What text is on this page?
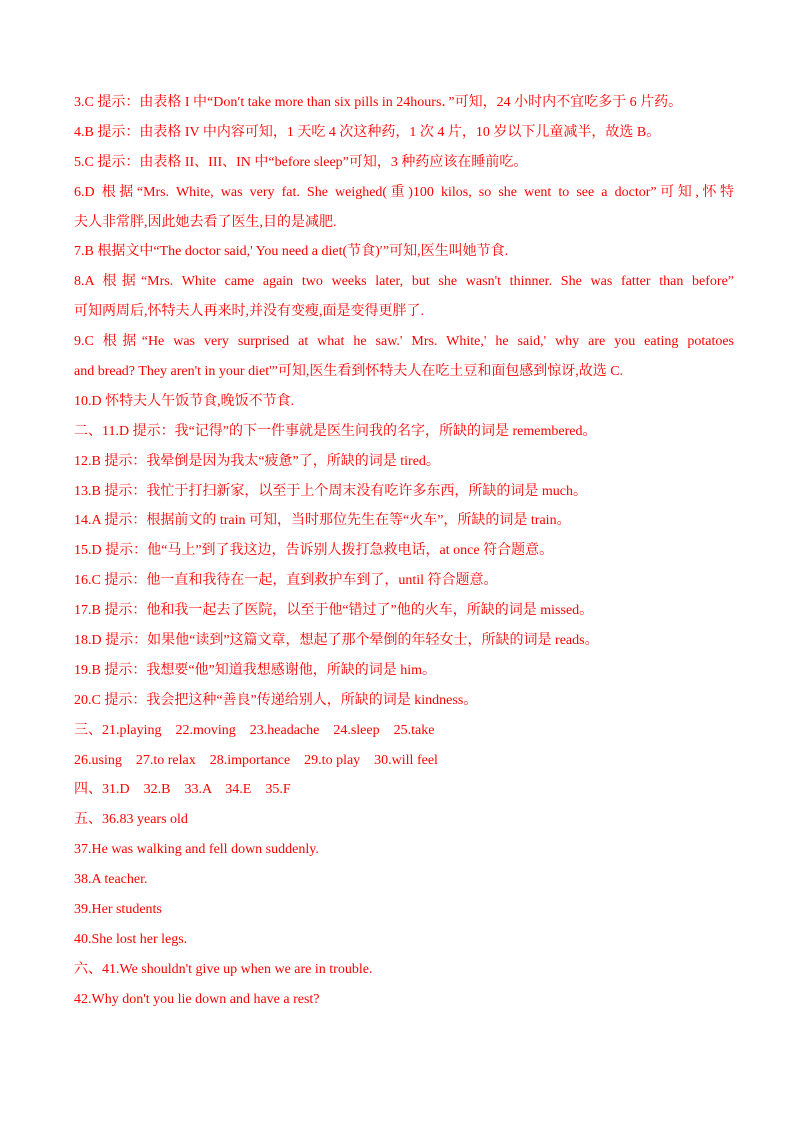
3.C 提示：由表格 I 中“Don′t take more than six pills in 24hours．”可知，24 小时内不宜吃多于 6 片药。
4.B 提示：由表格 IV 中内容可知，1 天吃 4 次这种药，1 次 4 片，10 岁以下儿童减半，故选 B。
5.C 提示：由表格 II、III、IN 中“before sleep”可知，3 种药应该在睡前吃。
6.D 根据“Mrs. White, was very fat. She weighed(重)100 kilos, so she went to see a doctor”可知,怀特
夫人非常胖,因此她去看了医生,目的是减肥.
7.B 根据文中“The doctor said,' You need a diet(节食)′”可知,医生叫她节食.
8.A 根据“Mrs. White came again two weeks later, but she wasn't thinner. She was fatter than before”
可知两周后,怀特夫人再来时,并没有变瘦,面是变得更胖了.
9.C 根据“He was very surprised at what he saw.' Mrs. White,' he said,' why are you eating potatoes
and bread? They aren't in your diet'”可知,医生看到怀特夫人在吃土豆和面包感到惊讶,故选 C.
10.D 怀特夫人午饭节食,晚饭不节食.
二、11.D 提示：我“记得”的下一件事就是医生问我的名字，所缺的词是 remembered。
12.B 提示：我晕倒是因为我太“疲惫”了，所缺的词是 tired。
13.B 提示：我忙于打扫新家，以至于上个周末没有吃许多东西，所缺的词是 much。
14.A 提示：根据前文的 train 可知，当时那位先生在等“火车”，所缺的词是 train。
15.D 提示：他“马上”到了我这边，告诉别人拨打急救电话，at once 符合题意。
16.C 提示：他一直和我待在一起，直到救护车到了，until 符合题意。
17.B 提示：他和我一起去了医院，以至于他“错过了”他的火车，所缺的词是 missed。
18.D 提示：如果他“读到”这篇文章，想起了那个晕倒的年轻女士，所缺的词是 reads。
19.B 提示：我想要“他”知道我想感谢他，所缺的词是 him。
20.C 提示：我会把这种“善良”传递给别人，所缺的词是 kindness。
三、21.playing　22.moving　23.headache　24.sleep　25.take
26.using　27.to relax　28.importance　29.to play　30.will feel
四、31.D　32.B　33.A　34.E　35.F
五、36.83 years old
37.He was walking and fell down suddenly.
38.A teacher.
39.Her students
40.She lost her legs.
六、41.We shouldn't give up when we are in trouble.
42.Why don't you lie down and have a rest?
